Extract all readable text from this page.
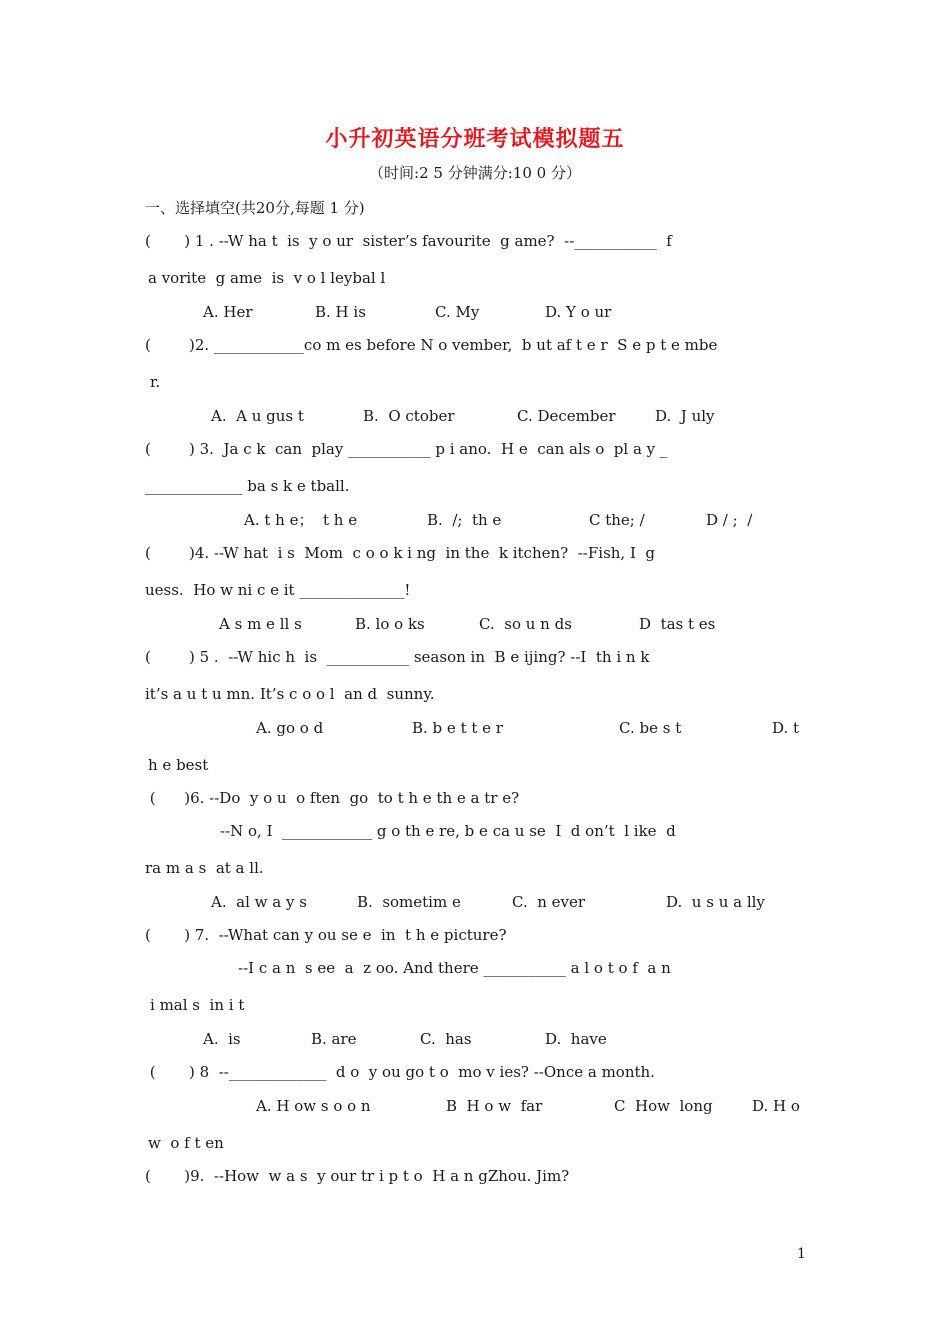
小升初英语分班考试模拟题五
（时间:2 5 分钟满分:10 0 分）
一、选择填空(共20分,每题 1 分)
(       ) 1 . --W ha t  is  y o ur  sister’s favourite  g ame?  --___________  f
a vorite  g ame  is  v o l leybal l
A. Her	B. H is	C. My	D. Y o ur
(        )2. ____________co m es before N o vember,  b ut af t e r  S e p t e mbe
r.
A.  A u gus t	B.  O ctober	C. December	D.  J uly
(        ) 3.  Ja c k  can  play ___________ p i ano.  H e  can als o  pl a y _
_____________ ba s k e tball.
A. t h e；  t h e	B.  /;  th e	C the; /	D / ;  /
(        )4. --W hat  i s  Mom  c o o k i ng  in the  k itchen?  --Fish, I  g
uess.  Ho w ni c e it ______________!
A s m e ll s	B. lo o ks	C.  so u n ds	D  tas t es
(        ) 5 .  --W hic h  is  ___________ season in  B e ijing? --I  th i n k
it’s a u t u mn. It’s c o o l  an d  sunny.
A. go o d	B. b e t t e r	C. be s t	D. t
h e best
(      )6. --Do  y o u  o ften  go  to t h e th e a tr e?
--N o, I  ____________ g o th e re, b e ca u se  I  d on’t  l ike  d
ra m a s  at a ll.
A.  al w a y s	B.  sometim e	C.  n ever	D.  u s u a lly
(       ) 7.  --What can y ou se e  in  t h e picture?
--I c a n  s ee  a  z oo. And there ___________ a l o t o f  a n
i mal s  in i t
A.  is	B. are	C.  has	D.  have
(       ) 8  --_____________  d o  y ou go t o  mo v ies? --Once a month.
A. H ow s o o n	B  H o w  far	C  How  long	D. H o
w  o f t en
(       )9.  --How  w a s  y our tr i p t o  H a n gZhou. Jim?
1
